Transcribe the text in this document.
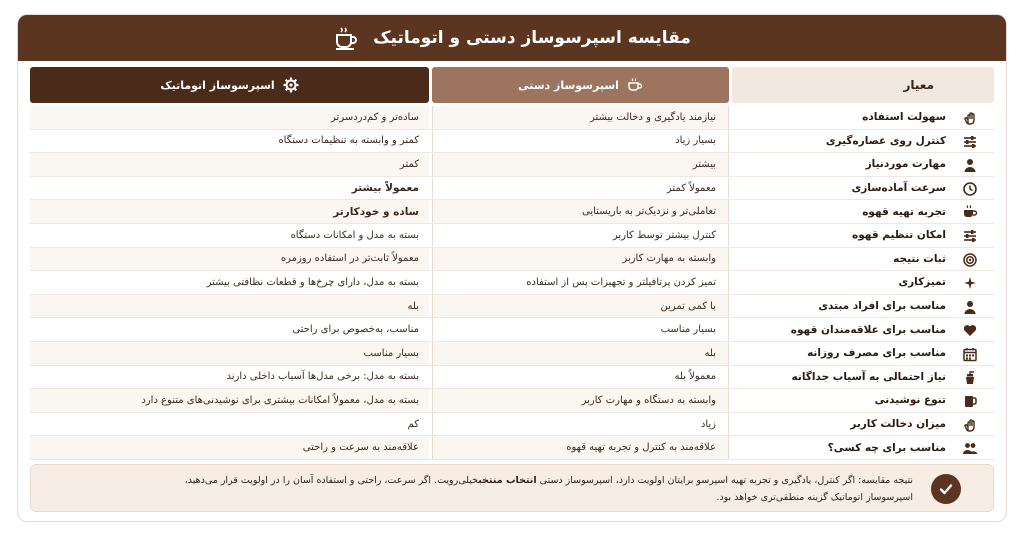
مقایسه اسپرسوساز دستی و اتوماتیک
اسپرسوساز اتوماتیک	اسپرسوساز دستی	معیار
ساده‌تر و کم‌دردسرتر	نیازمند یادگیری و دخالت بیشتر	سهولت استفاده
کمتر و وابسته به تنظیمات دستگاه	بسیار زیاد	کنترل روی عصاره‌گیری
کمتر	بیشتر	مهارت موردنیاز
معمولاً بیشتر	معمولاً کمتر	سرعت آماده‌سازی
ساده و خودکارتر	تعاملی‌تر و نزدیک‌تر به باریستایی	تجربه تهیه قهوه
بسته به مدل و امکانات دستگاه	کنترل بیشتر توسط کاربر	امکان تنظیم قهوه
معمولاً ثابت‌تر در استفاده روزمره	وابسته به مهارت کاربر	ثبات نتیجه
بسته به مدل، دارای چرخ‌ها و قطعات نظافتی بیشتر	تمیز کردن پرتافیلتر و تجهیزات پس از استفاده	تمیزکاری
بله	با کمی تمرین	مناسب برای افراد مبتدی
مناسب، به‌خصوص برای راحتی	بسیار مناسب	مناسب برای علاقه‌مندان قهوه
بسیار مناسب	بله	مناسب برای مصرف روزانه
بسته به مدل: برخی مدل‌ها آسیاب داخلی دارند	معمولاً بله	نیاز احتمالی به آسیاب جداگانه
بسته به مدل، معمولاً امکانات بیشتری برای نوشیدنی‌های متنوع دارد	وابسته به دستگاه و مهارت کاربر	تنوع نوشیدنی
کم	زیاد	میزان دخالت کاربر
علاقه‌مند به سرعت و راحتی	علاقه‌مند به کنترل و تجربه تهیه قهوه	مناسب برای چه کسی؟
نتیجه مقایسه: اگر کنترل، یادگیری و تجربه تهیه اسپرسو برایتان اولویت دارد، اسپرسوساز دستی انتخاب منتخبخیلی‌رویت. اگر سرعت، راحتی و استفاده آسان را در اولویت قرار می‌دهید،
اسپرسوساز اتوماتیک گزینه منطقی‌تری خواهد بود.
